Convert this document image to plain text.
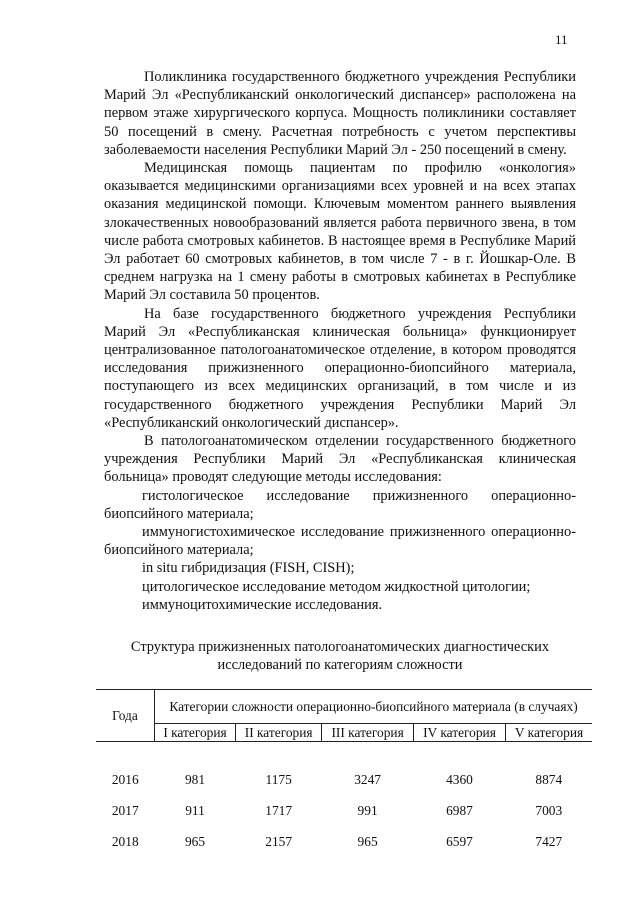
11

Поликлиника государственного бюджетного учреждения Республики Марий Эл «Республиканский онкологический диспансер» расположена на первом этаже хирургического корпуса. Мощность поликлиники составляет 50 посещений в смену. Расчетная потребность с учетом перспективы заболеваемости населения Республики Марий Эл - 250 посещений в смену.

Медицинская помощь пациентам по профилю «онкология» оказывается медицинскими организациями всех уровней и на всех этапах оказания медицинской помощи. Ключевым моментом раннего выявления злокачественных новообразований является работа первичного звена, в том числе работа смотровых кабинетов. В настоящее время в Республике Марий Эл работает 60 смотровых кабинетов, в том числе 7 - в г. Йошкар-Оле. В среднем нагрузка на 1 смену работы в смотровых кабинетах в Республике Марий Эл составила 50 процентов.

На базе государственного бюджетного учреждения Республики Марий Эл «Республиканская клиническая больница» функционирует централизованное патологоанатомическое отделение, в котором проводятся исследования прижизненного операционно-биопсийного материала, поступающего из всех медицинских организаций, в том числе и из государственного бюджетного учреждения Республики Марий Эл «Республиканский онкологический диспансер».

В патологоанатомическом отделении государственного бюджетного учреждения Республики Марий Эл «Республиканская клиническая больница» проводят следующие методы исследования:

гистологическое исследование прижизненного операционно-биопсийного материала;

иммуногистохимическое исследование прижизненного операционно-биопсийного материала;

in situ гибридизация (FISH, CISH);

цитологическое исследование методом жидкостной цитологии;

иммуноцитохимические исследования.

Структура прижизненных патологоанатомических диагностических исследований по категориям сложности
Года	Категории сложности операционно-биопсийного материала (в случаях)				
	I категория	II категория	III категория	IV категория	V категория
2016	981	1175	3247	4360	8874
2017	911	1717	991	6987	7003
2018	965	2157	965	6597	7427
